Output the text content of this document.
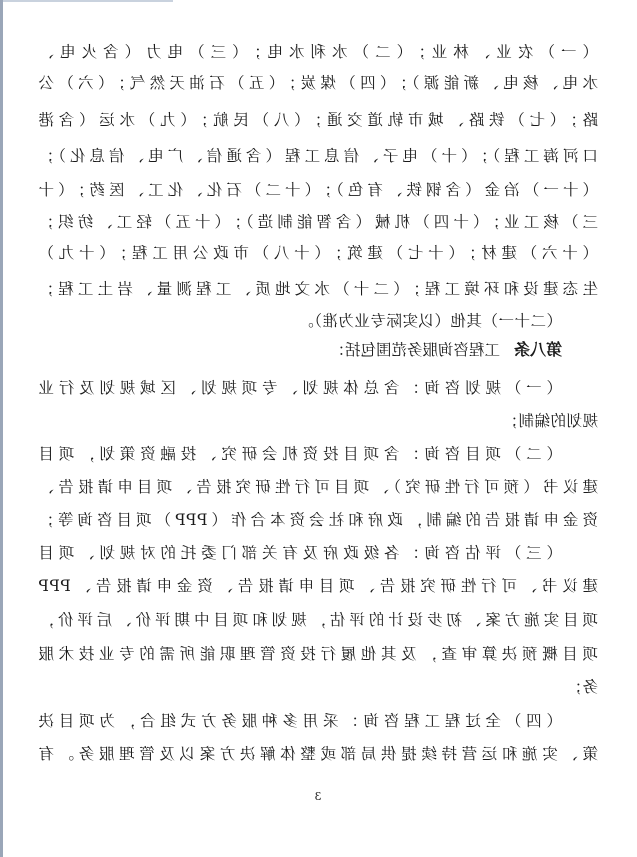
（一）农业、林业；（二）水利水电；（三）电力（含火电、
水电、核电、新能源）；（四）煤炭；（五）石油天然气；（六）公
路；（七）铁路、城市轨道交通；（八）民航；（九）水运（含港
口河海工程）；（十）电子、信息工程（含通信、广电、信息化）；
（十一）冶金（含钢铁、有色）；（十二）石化、化工、医药；（十
三）核工业；（十四）机械（含智能制造）；（十五）轻工、纺织；
（十六）建材；（十七）建筑；（十八）市政公用工程；（十九）
生态建设和环境工程；（二十）水文地质、工程测量、岩土工程；
（二十一）其他（以实际专业为准）。
第八条工程咨询服务范围包括：
（一）规划咨询：含总体规划、专项规划、区域规划及行业
规划的编制；
（二）项目咨询：含项目投资机会研究、投融资策划，项目
建议书（预可行性研究）、项目可行性研究报告、项目申请报告、
资金申请报告的编制，政府和社会资本合作（PPP）项目咨询等；
（三）评估咨询：各级政府及有关部门委托的对规划、项目
建议书、可行性研究报告、项目申请报告、资金申请报告、PPP
项目实施方案、初步设计的评估，规划和项目中期评价、后评价，
项目概预决算审查，及其他履行投资管理职能所需的专业技术服
务；
（四）全过程工程咨询：采用多种服务方式组合，为项目决
策、实施和运营持续提供局部或整体解决方案以及管理服务。有
3
